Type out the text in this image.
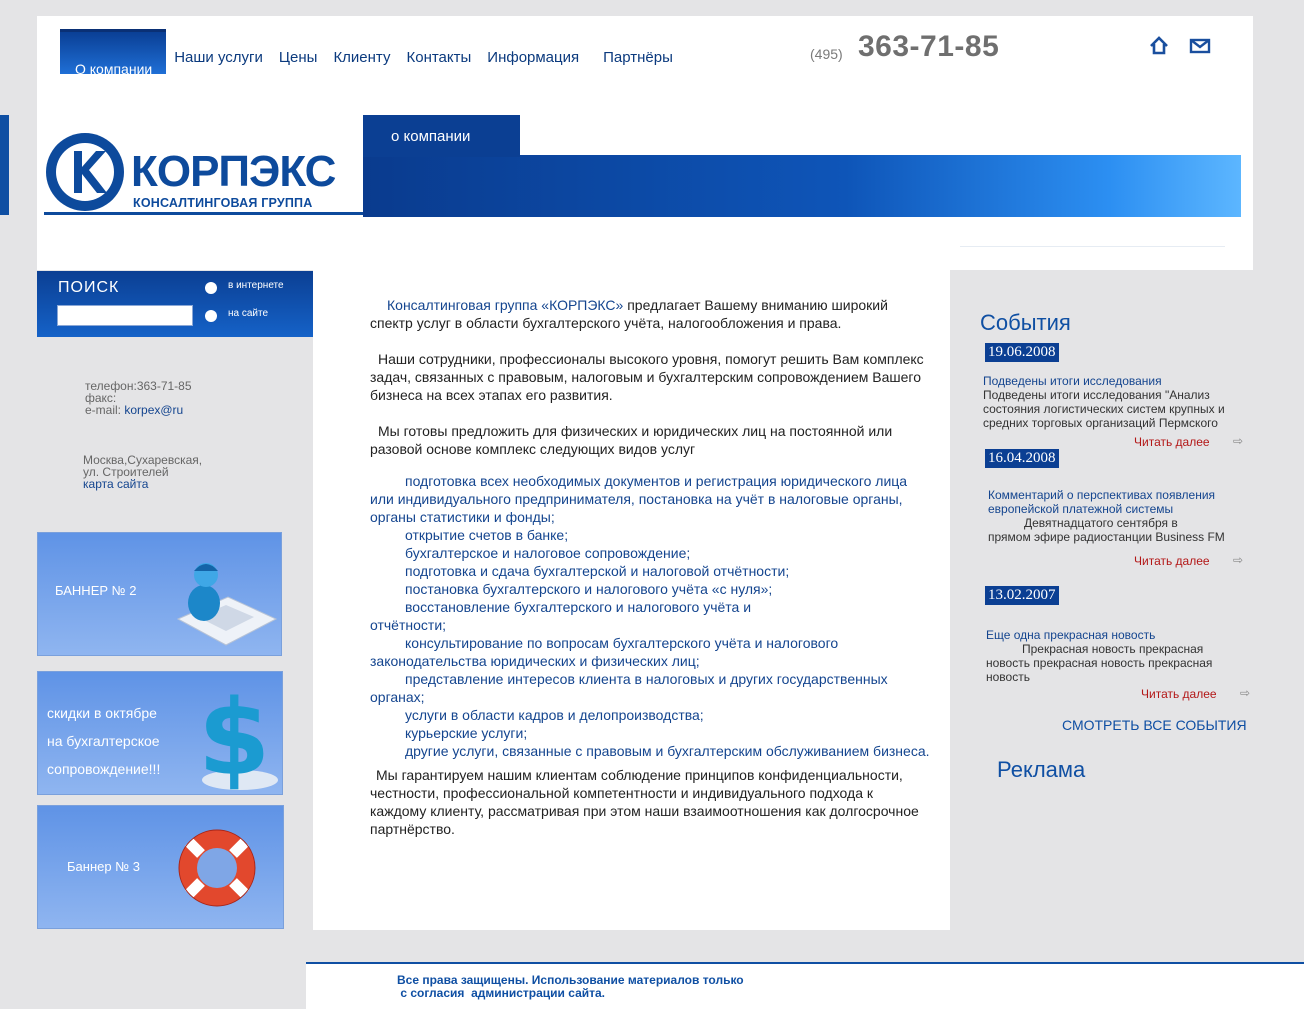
О компании
Наши услуги	Цены	Клиенту	Контакты	Информация	Партнёры	(495) 363-71-85
КОРПЭКС
КОНСАЛТИНГОВАЯ ГРУППА
о компании
ПОИСК	в интернете
на сайте
телефон:363-71-85
факс:
e-mail: korpex@ru
Москва,Сухаревская,
ул. Строителей
карта сайта
БАННЕР № 2
скидки в октябре
на бухгалтерское
сопровождение!!! $
Баннер № 3

Консалтинговая группа «КОРПЭКС» предлагает Вашему вниманию широкий спектр услуг в области бухгалтерского учёта, налогообложения и права.

Наши сотрудники, профессионалы высокого уровня, помогут решить Вам комплекс задач, связанных с правовым, налоговым и бухгалтерским сопровождением Вашего бизнеса на всех этапах его развития.

Мы готовы предложить для физических и юридических лиц на постоянной или разовой основе комплекс следующих видов услуг

подготовка всех необходимых документов и регистрация юридического лица
или индивидуального предпринимателя, постановка на учёт в налоговые органы,
органы статистики и фонды;
открытие счетов в банке;
бухгалтерское и налоговое сопровождение;
подготовка и сдача бухгалтерской и налоговой отчётности;
постановка бухгалтерского и налогового учёта «с нуля»;
восстановление бухгалтерского и налогового учёта и
отчётности;
консультирование по вопросам бухгалтерского учёта и налогового
законодательства юридических и физических лиц;
представление интересов клиента в налоговых и других государственных
органах;
услуги в области кадров и делопроизводства;
курьерские услуги;
другие услуги, связанные с правовым и бухгалтерским обслуживанием бизнеса.

Мы гарантируем нашим клиентам соблюдение принципов конфиденциальности, честности, профессиональной компетентности и индивидуального подхода к каждому клиенту, рассматривая при этом наши взаимоотношения как долгосрочное партнёрство.

События
19.06.2008
Подведены итоги исследования
Подведены итоги исследования "Анализ
состояния логистических систем крупных и
средних торговых организаций Пермского
Читать далее ⇨
16.04.2008
Комментарий о перспективах появления
европейской платежной системы
Девятнадцатого сентября в
прямом эфире радиостанции Business FM
Читать далее ⇨
13.02.2007
Еще одна прекрасная новость
Прекрасная новость прекрасная
новость прекрасная новость прекрасная
новость
Читать далее ⇨
СМОТРЕТЬ ВСЕ СОБЫТИЯ
Реклама
Все права защищены. Использование материалов только
с согласия  администрации сайта.
